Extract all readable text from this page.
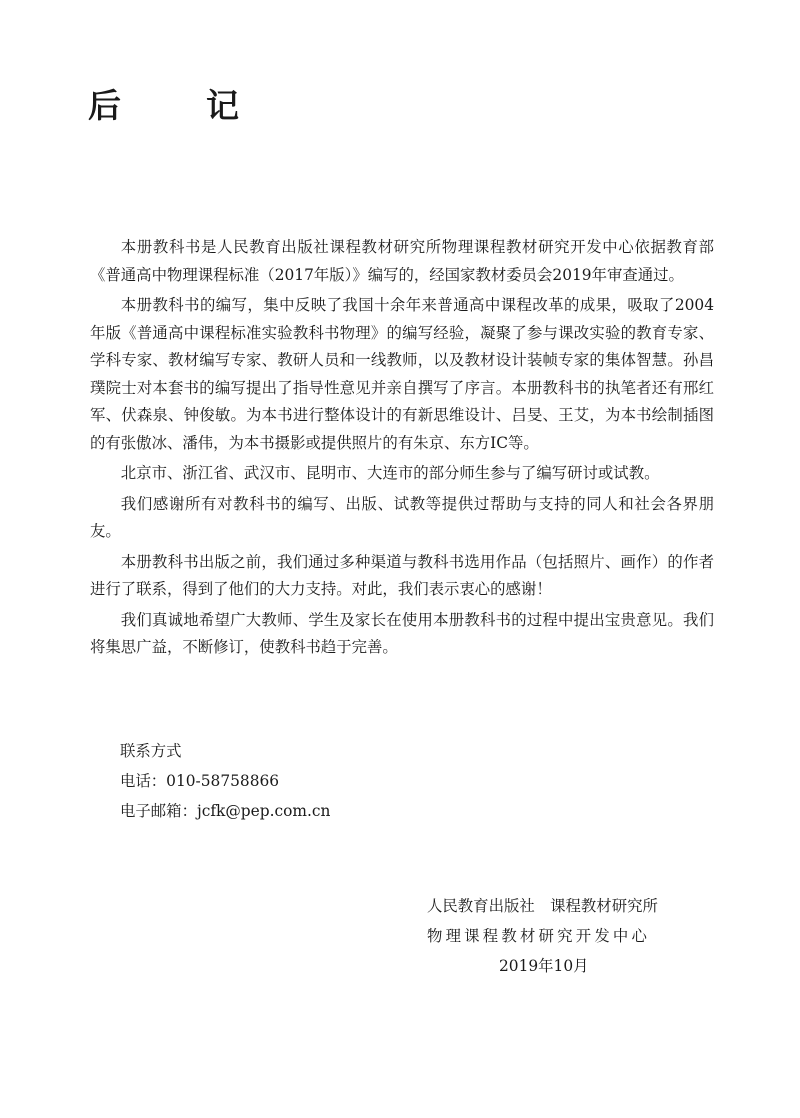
后　记

本册教科书是人民教育出版社课程教材研究所物理课程教材研究开发中心依据教育部《普通高中物理课程标准（2017年版）》编写的，经国家教材委员会2019年审查通过。

本册教科书的编写，集中反映了我国十余年来普通高中课程改革的成果，吸取了2004年版《普通高中课程标准实验教科书物理》的编写经验，凝聚了参与课改实验的教育专家、学科专家、教材编写专家、教研人员和一线教师，以及教材设计装帧专家的集体智慧。孙昌璞院士对本套书的编写提出了指导性意见并亲自撰写了序言。本册教科书的执笔者还有邢红军、伏森泉、钟俊敏。为本书进行整体设计的有新思维设计、吕旻、王艾，为本书绘制插图的有张傲冰、潘伟，为本书摄影或提供照片的有朱京、东方IC等。

北京市、浙江省、武汉市、昆明市、大连市的部分师生参与了编写研讨或试教。

我们感谢所有对教科书的编写、出版、试教等提供过帮助与支持的同人和社会各界朋友。

本册教科书出版之前，我们通过多种渠道与教科书选用作品（包括照片、画作）的作者进行了联系，得到了他们的大力支持。对此，我们表示衷心的感谢！

我们真诚地希望广大教师、学生及家长在使用本册教科书的过程中提出宝贵意见。我们将集思广益，不断修订，使教科书趋于完善。

联系方式
电话：010-58758866
电子邮箱：jcfk@pep.com.cn
人民教育出版社　课程教材研究所
物理课程教材研究开发中心
2019年10月
